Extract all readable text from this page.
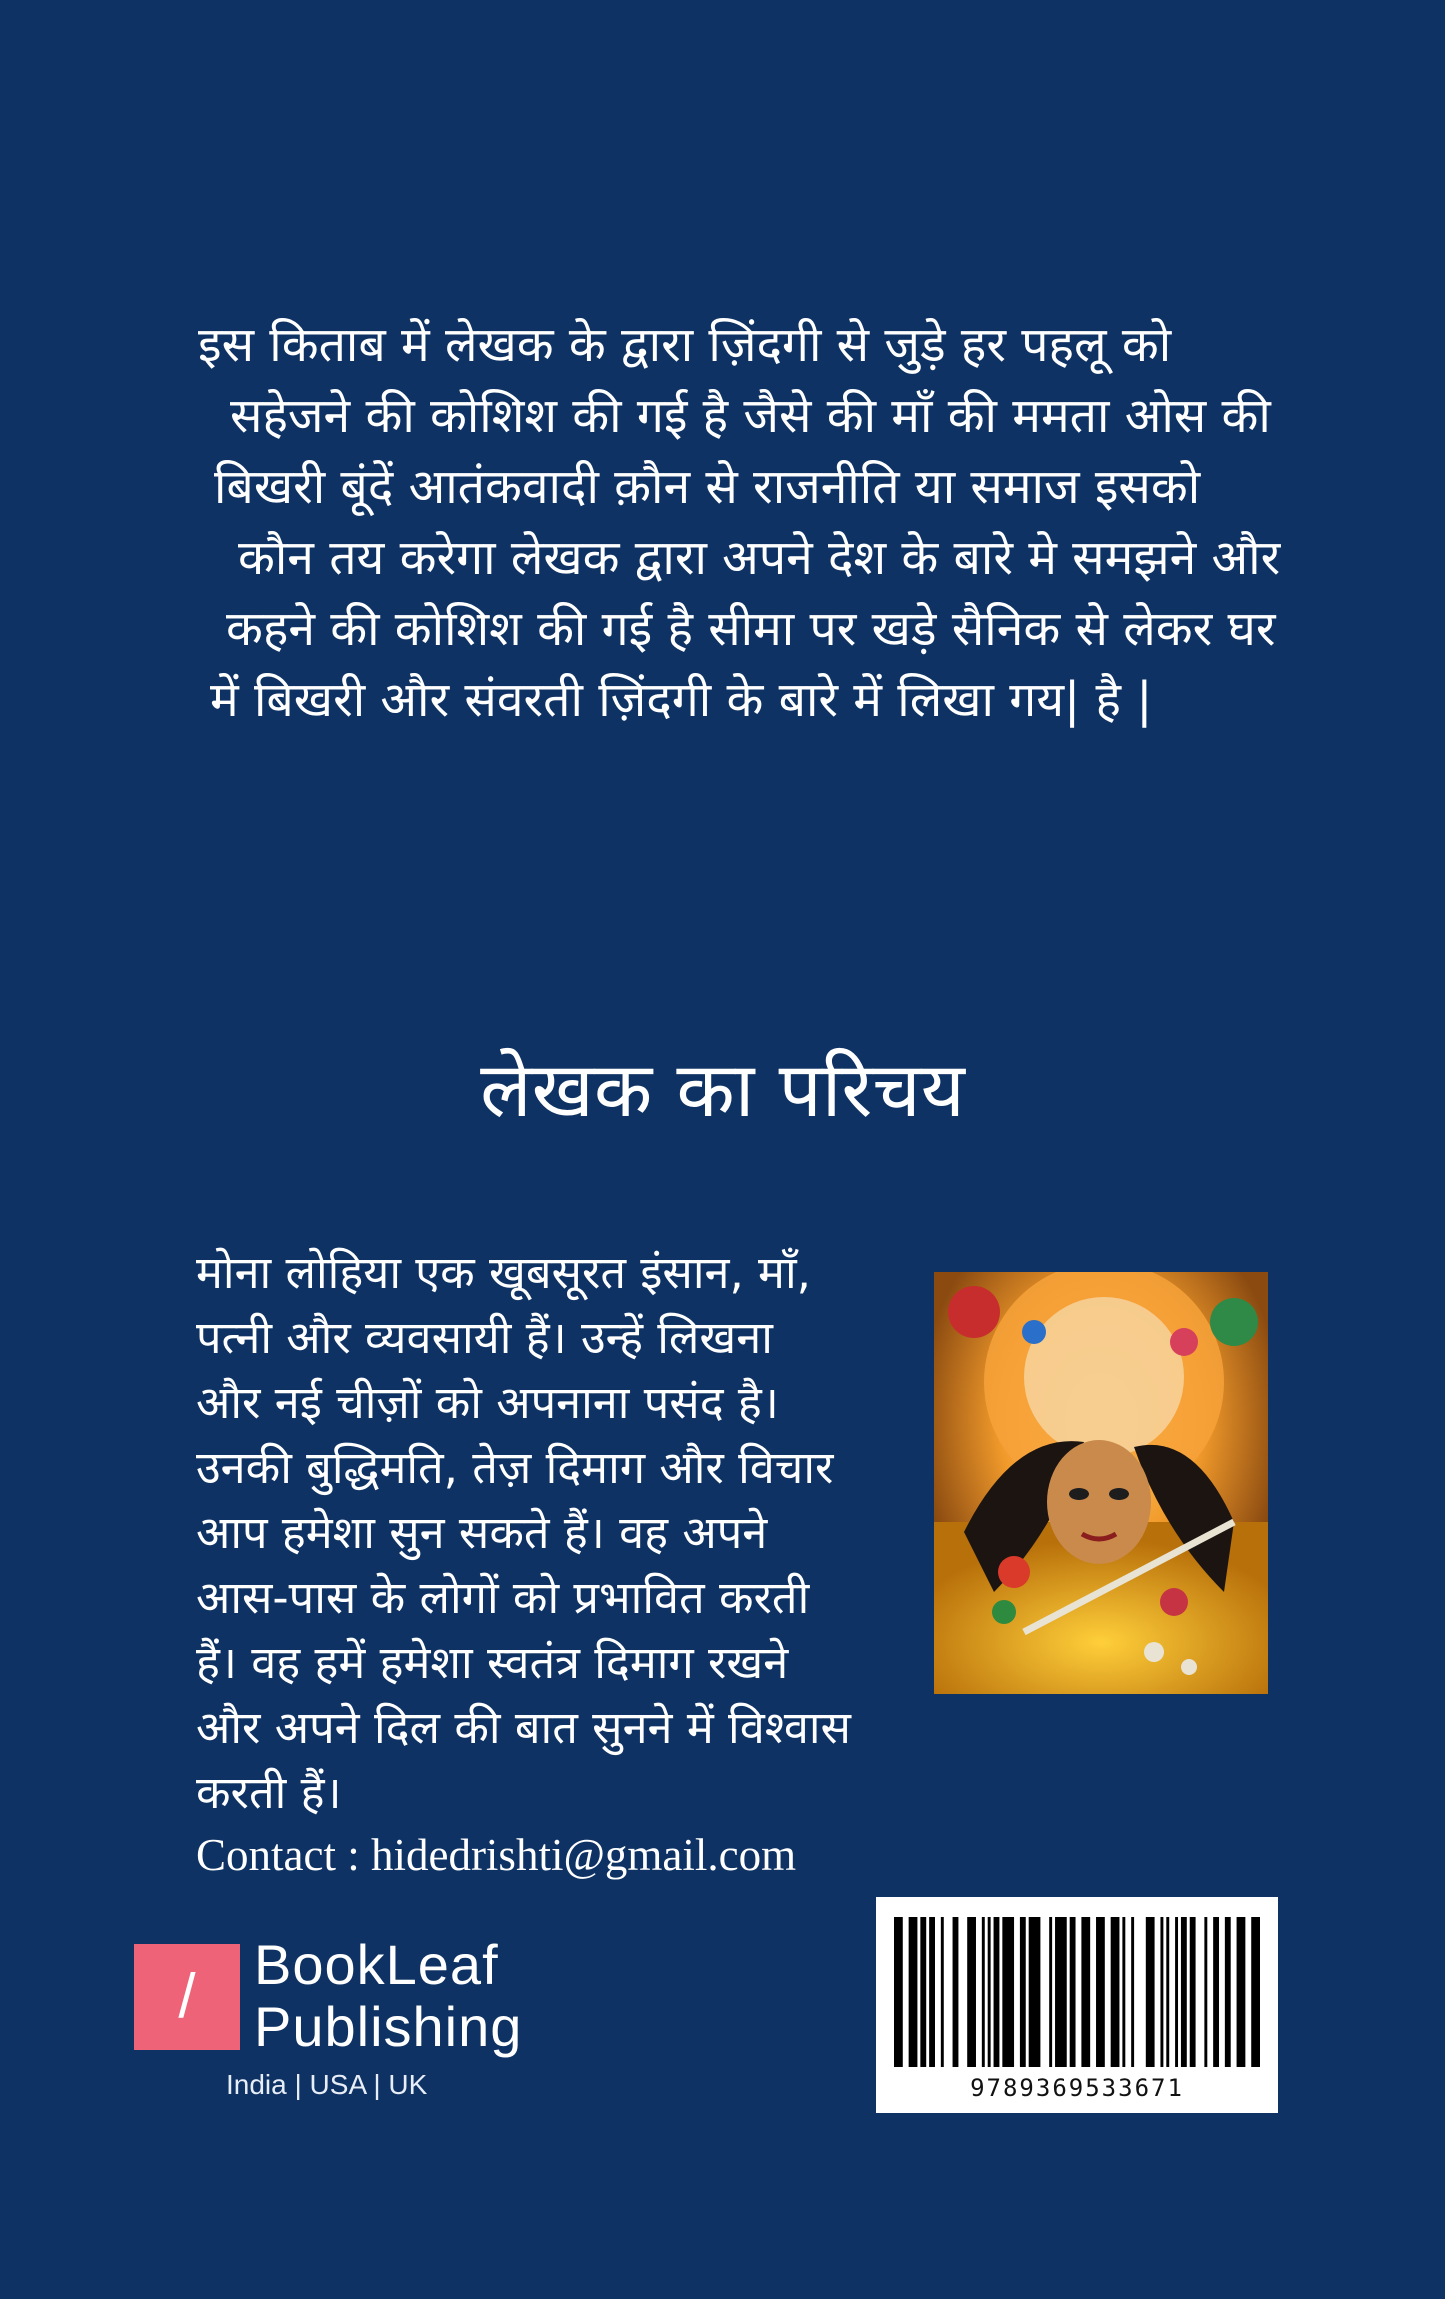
इस किताब में लेखक के द्वारा ज़िंदगी से जुड़े हर पहलू को
सहेजने की कोशिश की गई है जैसे की माँ की ममता ओस की
बिखरी बूंदें आतंकवादी क़ौन से राजनीति या समाज इसको
कौन तय करेगा लेखक द्वारा अपने देश के बारे मे समझने और
कहने की कोशिश की गई है सीमा पर खड़े सैनिक से लेकर घर
में बिखरी और संवरती ज़िंदगी के बारे में लिखा गय| है |
लेखक का परिचय
मोना लोहिया एक खूबसूरत इंसान, माँ,
पत्नी और व्यवसायी हैं। उन्हें लिखना
और नई चीज़ों को अपनाना पसंद है।
उनकी बुद्धिमति, तेज़ दिमाग और विचार
आप हमेशा सुन सकते हैं। वह अपने
आस-पास के लोगों को प्रभावित करती
हैं। वह हमें हमेशा स्वतंत्र दिमाग रखने
और अपने दिल की बात सुनने में विश्वास
करती हैं।
Contact : hidedrishti@gmail.com
/	BookLeaf
Publishing
India | USA | UK	9789369533671
